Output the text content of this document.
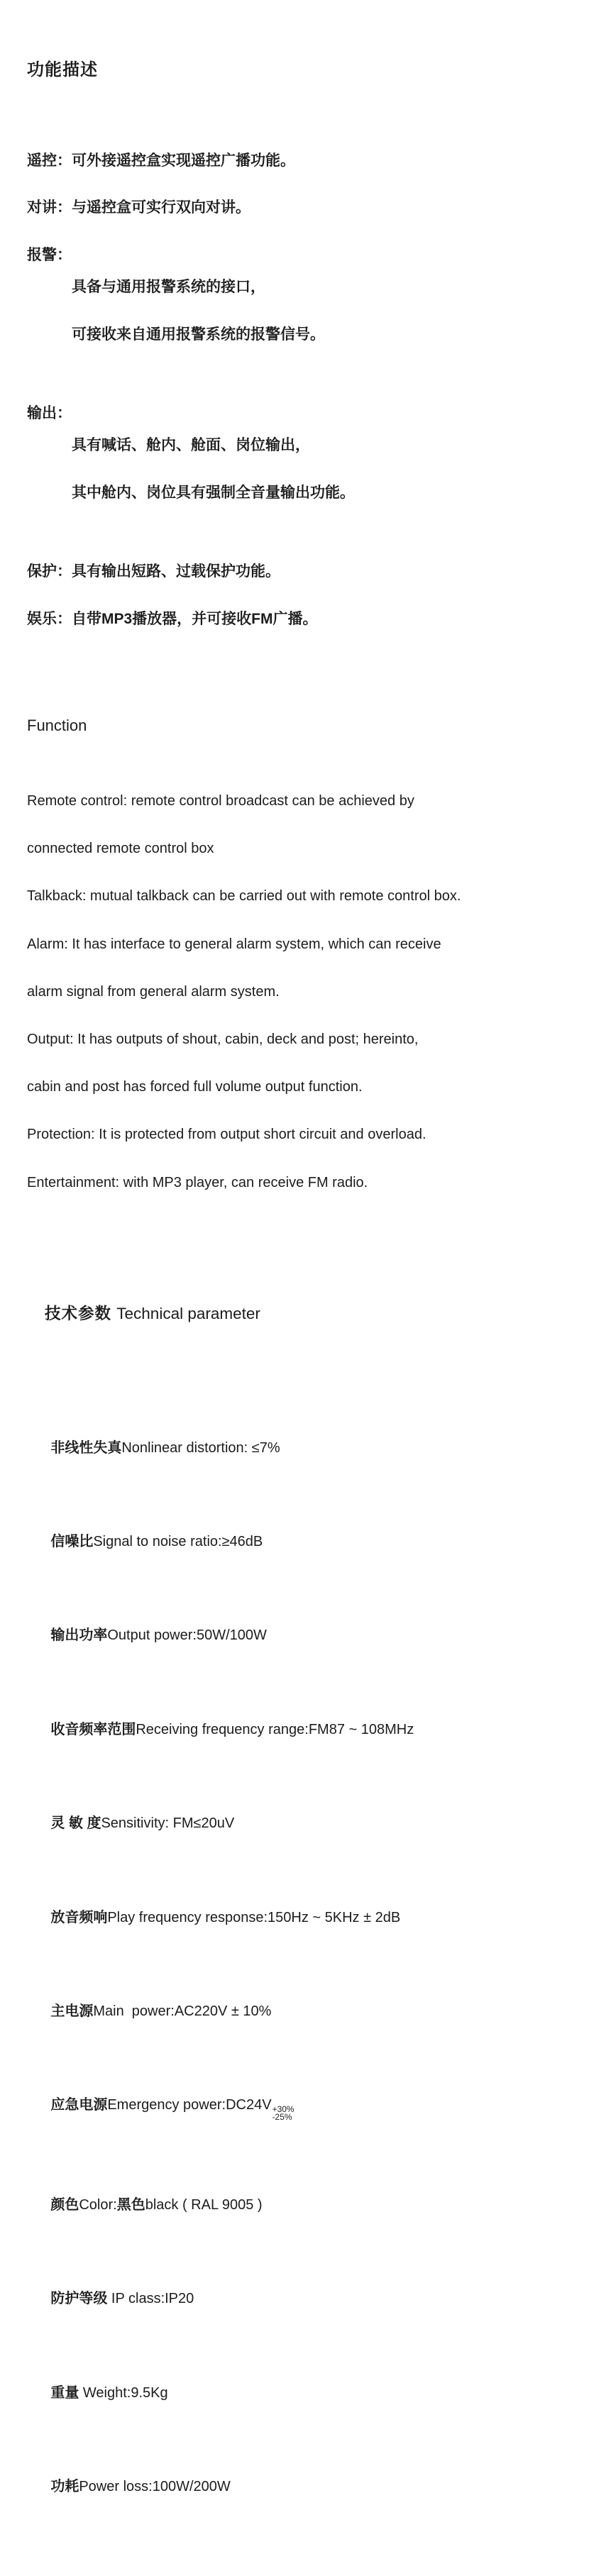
功能描述

遥控： 可外接遥控盒实现遥控广播功能。

对讲： 与遥控盒可实行双向对讲。

报警：

具备与通用报警系统的接口，

可接收来自通用报警系统的报警信号。

输出：

具有喊话、舱内、舱面、岗位输出，

其中舱内、岗位具有强制全音量输出功能。

保护： 具有输出短路、过载保护功能。

娱乐： 自带MP3播放器，并可接收FM广播。

Function

Remote control: remote control broadcast can be achieved by

connected remote control box

Talkback: mutual talkback can be carried out with remote control box.

Alarm: It has interface to general alarm system, which can receive

alarm signal from general alarm system.

Output: It has outputs of shout, cabin, deck and post; hereinto,

cabin and post has forced full volume output function.

Protection: It is protected from output short circuit and overload.

Entertainment: with MP3 player, can receive FM radio.

技术参数 Technical parameter

非线性失真Nonlinear distortion: ≤7%

信噪比Signal to noise ratio:≥46dB

输出功率Output power:50W/100W

收音频率范围Receiving frequency range:FM87 ~ 108MHz

灵 敏 度Sensitivity: FM≤20uV

放音频响Play frequency response:150Hz ~ 5KHz ± 2dB

主电源Main  power:AC220V ± 10%

应急电源Emergency power:DC24V +30%
-25%

颜色Color:黑色black ( RAL 9005 )

防护等级 IP class:IP20

重量 Weight:9.5Kg

功耗Power loss:100W/200W
